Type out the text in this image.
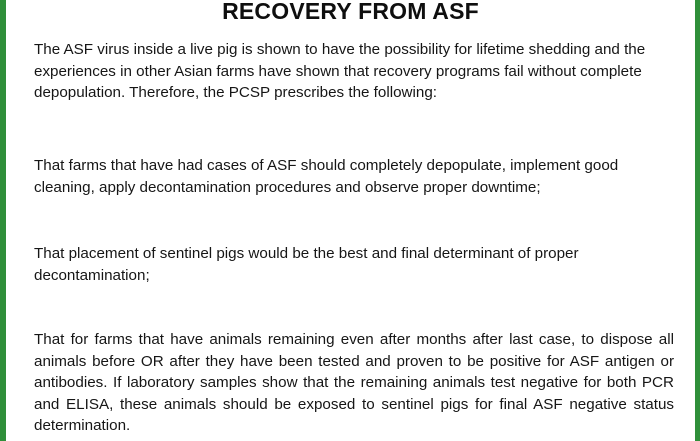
RECOVERY FROM ASF

The ASF virus inside a live pig is shown to have the possibility for lifetime shedding and the experiences in other Asian farms have shown that recovery programs fail without complete depopulation. Therefore, the PCSP prescribes the following:

That farms that have had cases of ASF should completely depopulate, implement good cleaning, apply decontamination procedures and observe proper downtime;

That placement of sentinel pigs would be the best and final determinant of proper decontamination;

That for farms that have animals remaining even after months after last case, to dispose all animals before OR after they have been tested and proven to be positive for ASF antigen or antibodies. If laboratory samples show that the remaining animals test negative for both PCR and ELISA, these animals should be exposed to sentinel pigs for final ASF negative status determination.
